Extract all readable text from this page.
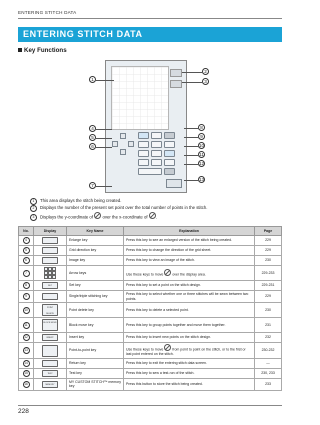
ENTERING STITCH DATA
ENTERING STITCH DATA
Key Functions
1
2
3
4
5
6
7
8
9
10
11
12
13
1 This area displays the stitch being created.
2 Displays the number of the present set point over the total number of points in the stitch.
3 Displays the y-coordinate of over the x-coordinate of .
No.	Display	Key Name	Explanation	Page
4		Enlarge key	Press this key to see an enlarged version of the stitch being created.	229
5		Grid direction key	Press this key to change the direction of the grid sheet.	229
6		Image key	Press this key to view an image of the stitch.	230
7		Arrow keys	Use these keys to move over the display area.	229-233
8	SET	Set key	Press this key to set a point on the stitch design.	229-231
9		Single/triple stitching key	Press this key to select whether one or three stitches will be sewn between two points.	229
10	POINT DELETE	Point delete key	Press this key to delete a selected point.	230
11	BLOCK MOVE	Block move key	Press this key to group points together and move them together.	231
12	INSERT	Insert key	Press this key to insert new points on the stitch design.	232
13		Point-to-point key	Use these keys to move from point to point on the stitch, or to the first or last point entered on the stitch.	230-232
14		Return key	Press this key to exit the entering stitch data screen.	—
15	TEST	Test key	Press this key to sew a test-run of the stitch.	230, 233
16	MEMORY	MY CUSTOM STITCH™ memory key	Press this button to store the stitch being created.	233
228
